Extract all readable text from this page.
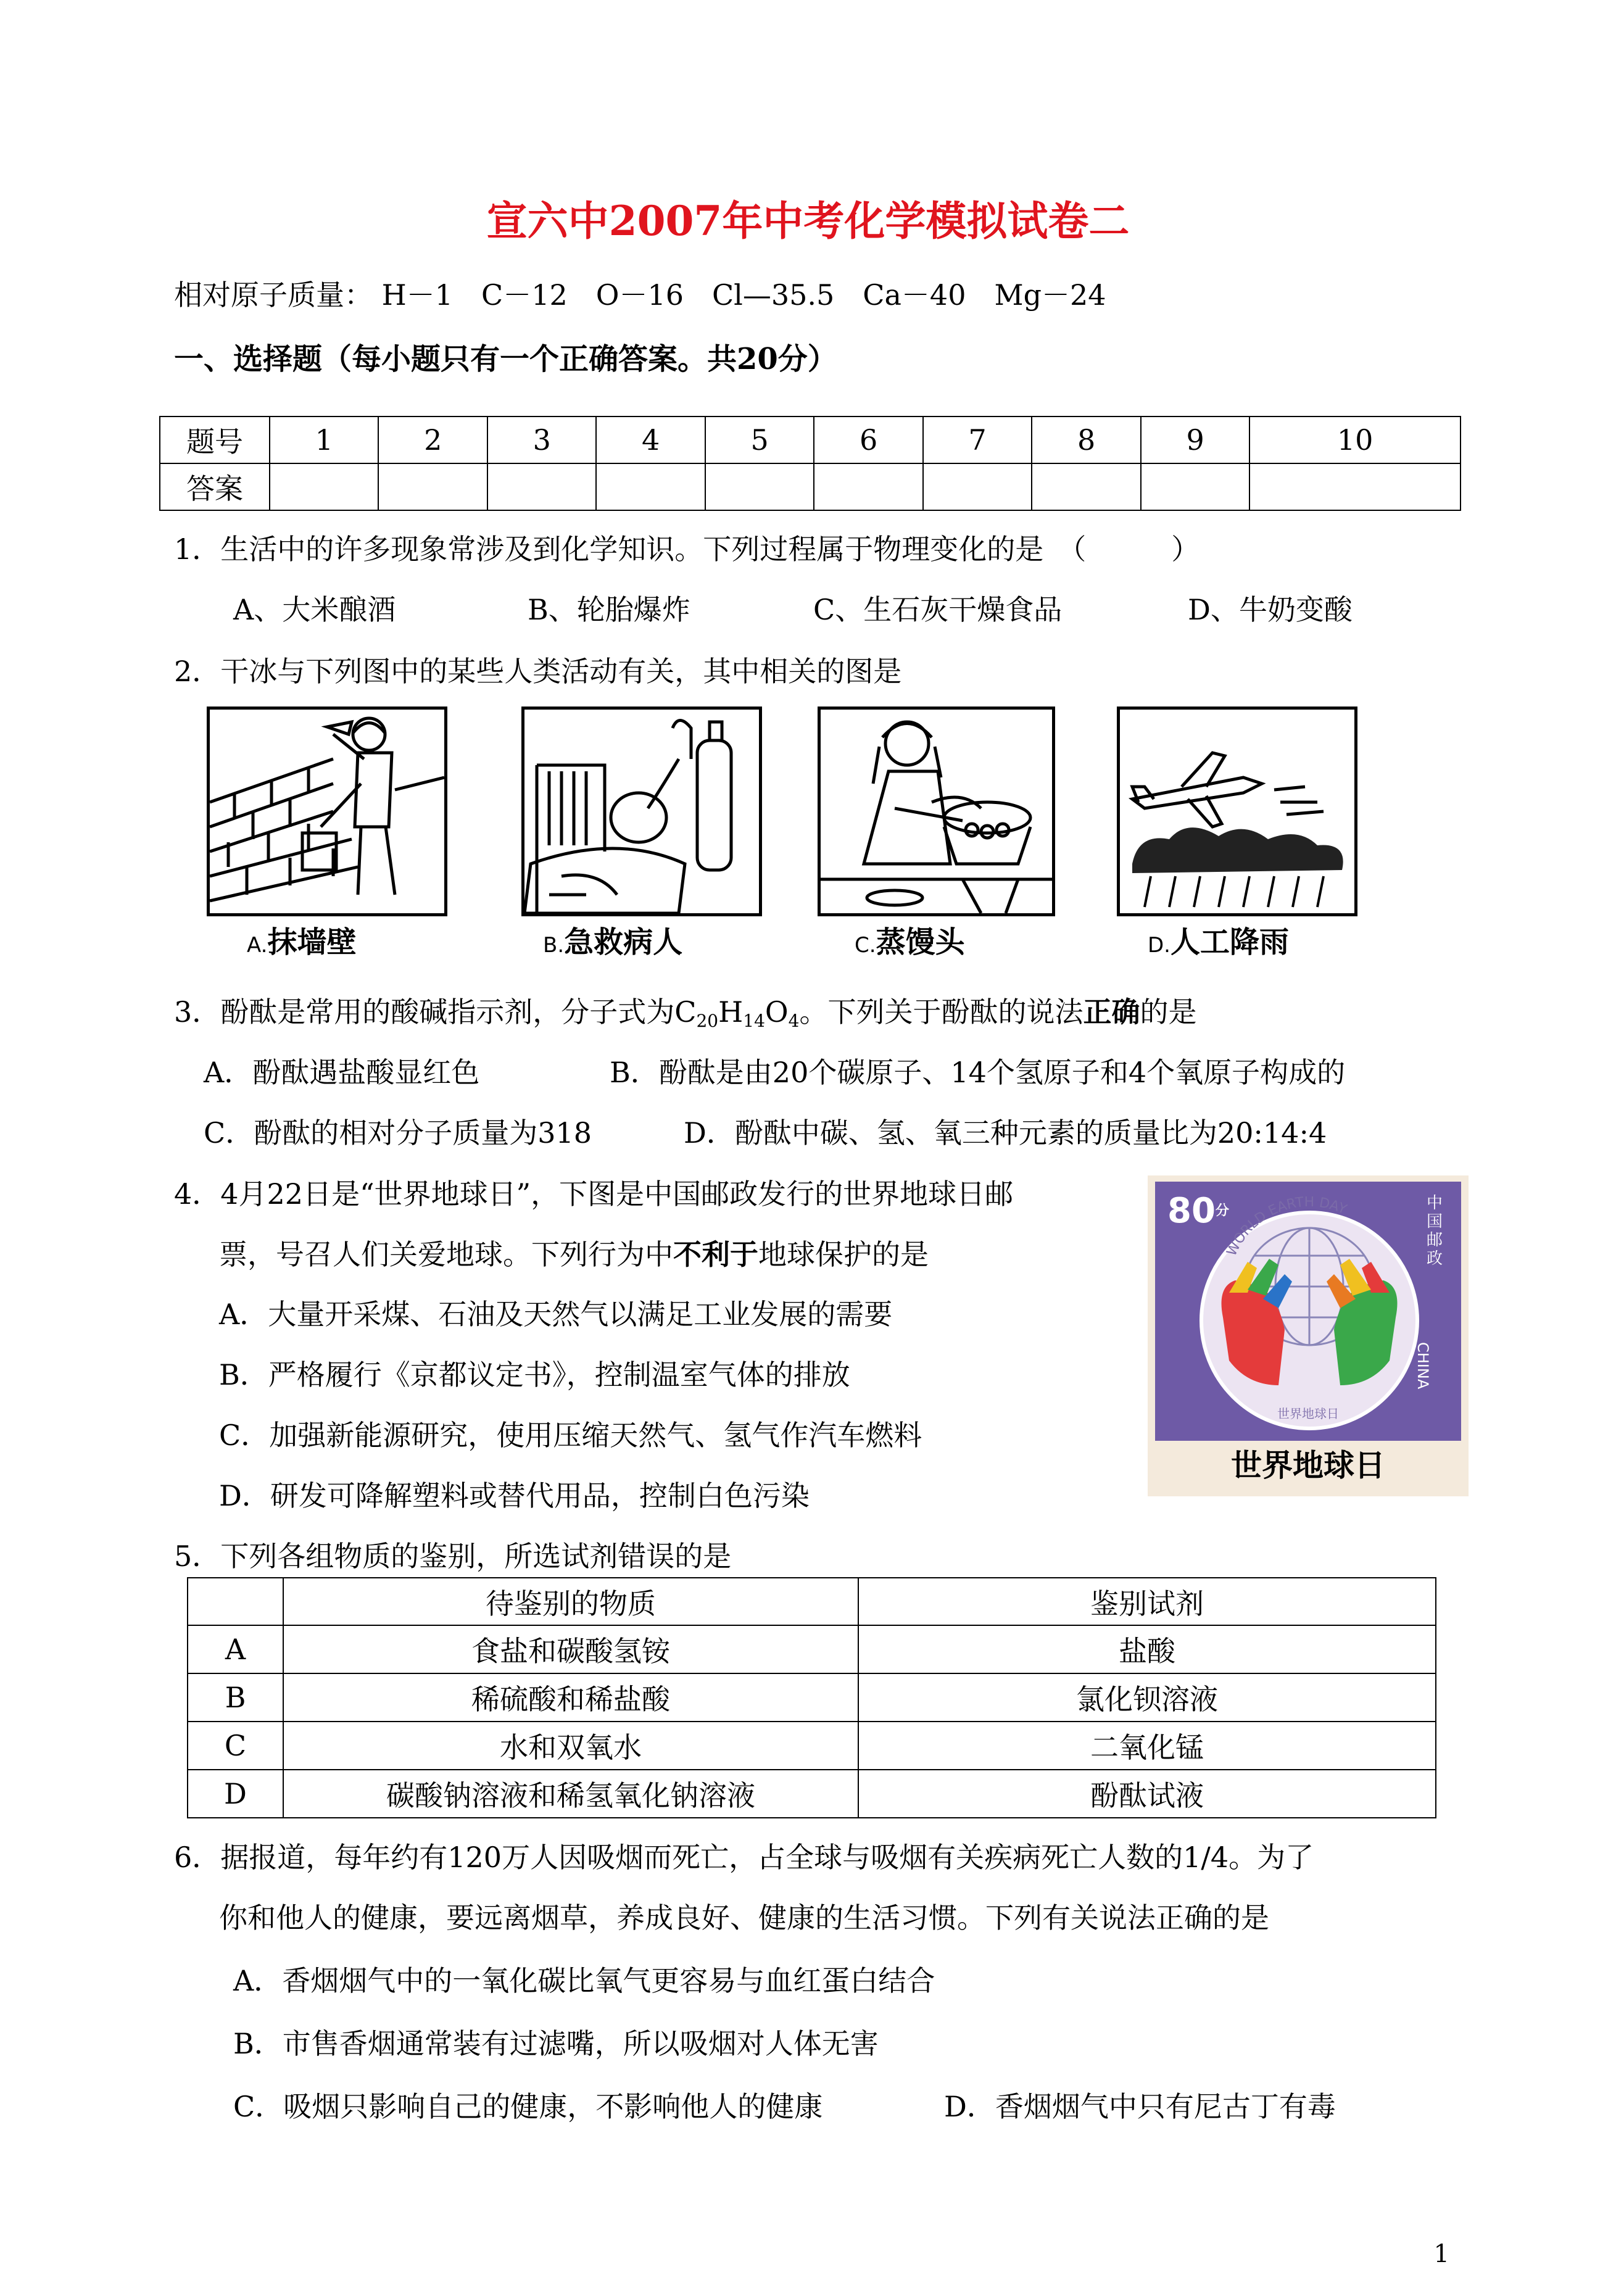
宣六中2007年中考化学模拟试卷二
相对原子质量： H－1　C－12　O－16　Cl—35.5　Ca－40　Mg－24
一、选择题（每小题只有一个正确答案。共20分）
题号	1	2	3	4	5	6	7	8	9	10
答案										
1．生活中的许多现象常涉及到化学知识。下列过程属于物理变化的是　（　　　）
A、大米酿酒	B、轮胎爆炸	C、生石灰干燥食品	D、牛奶变酸
2．干冰与下列图中的某些人类活动有关，其中相关的图是
A.抹墙壁	B.急救病人	C.蒸馒头	D.人工降雨
3．酚酞是常用的酸碱指示剂，分子式为$C_{20}H_{14}O_4$。下列关于酚酞的说法正确的是
A．酚酞遇盐酸显红色	B．酚酞是由20个碳原子、14个氢原子和4个氧原子构成的
C．酚酞的相对分子质量为318	D．酚酞中碳、氢、氧三种元素的质量比为20:14:4
4．4月22日是“世界地球日”，下图是中国邮政发行的世界地球日邮
票，号召人们关爱地球。下列行为中不利于地球保护的是
A．大量开采煤、石油及天然气以满足工业发展的需要
B．严格履行《京都议定书》，控制温室气体的排放
C．加强新能源研究，使用压缩天然气、氢气作汽车燃料
D．研发可降解塑料或替代用品，控制白色污染
WORLD EARTH DAY
$80^分$	中国邮政
CHINA
世界地球日
世界地球日
5．下列各组物质的鉴别，所选试剂错误的是
	待鉴别的物质	鉴别试剂
A	食盐和碳酸氢铵	盐酸
B	稀硫酸和稀盐酸	氯化钡溶液
C	水和双氧水	二氧化锰
D	碳酸钠溶液和稀氢氧化钠溶液	酚酞试液
6．据报道，每年约有120万人因吸烟而死亡，占全球与吸烟有关疾病死亡人数的1/4。为了
你和他人的健康，要远离烟草，养成良好、健康的生活习惯。下列有关说法正确的是
A．香烟烟气中的一氧化碳比氧气更容易与血红蛋白结合
B．市售香烟通常装有过滤嘴，所以吸烟对人体无害
C．吸烟只影响自己的健康，不影响他人的健康	D．香烟烟气中只有尼古丁有毒
1
